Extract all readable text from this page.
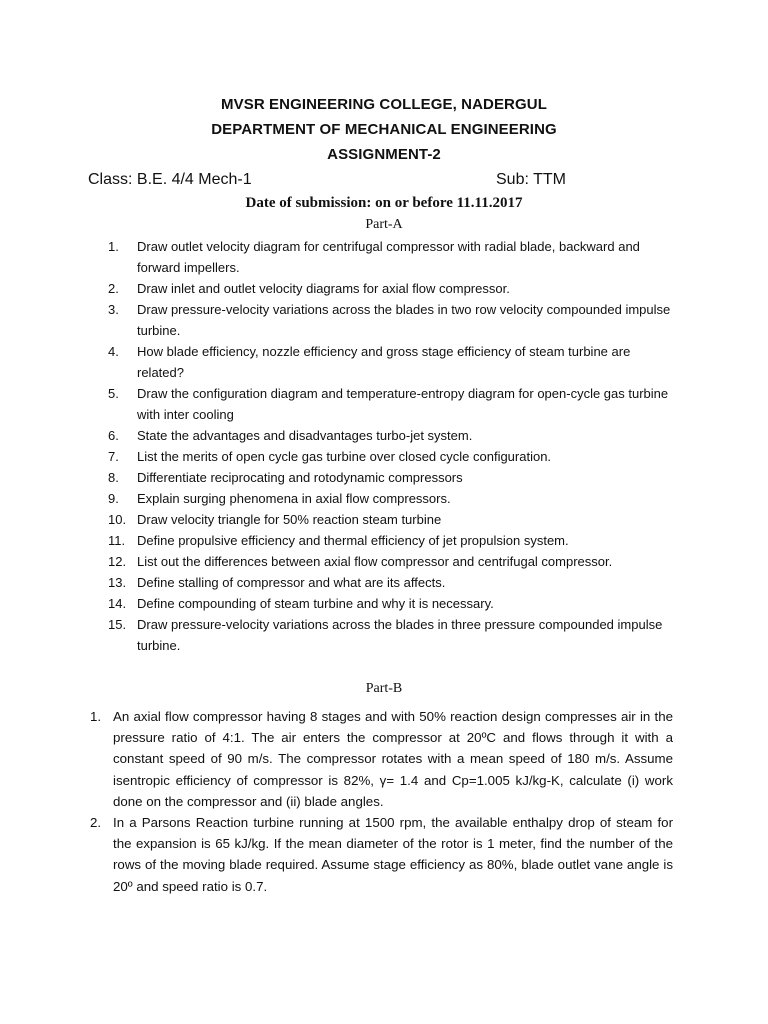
MVSR ENGINEERING COLLEGE, NADERGUL
DEPARTMENT OF MECHANICAL ENGINEERING
ASSIGNMENT-2
Class: B.E. 4/4 Mech-1	Sub: TTM
Date of submission: on or before 11.11.2017
Part-A
1.	Draw outlet velocity diagram for centrifugal compressor with radial blade, backward and forward impellers.
2.	Draw inlet and outlet velocity diagrams for axial flow compressor.
3.	Draw pressure-velocity variations across the blades in two row velocity compounded impulse turbine.
4.	How blade efficiency, nozzle efficiency and gross stage efficiency of steam turbine are related?
5.	Draw the configuration diagram and temperature-entropy diagram for open-cycle gas turbine with inter cooling
6.	State the advantages and disadvantages turbo-jet system.
7.	List the merits of open cycle gas turbine over closed cycle configuration.
8.	Differentiate reciprocating and rotodynamic compressors
9.	Explain surging phenomena in axial flow compressors.
10. Draw velocity triangle for 50% reaction steam turbine
11. Define propulsive efficiency and thermal efficiency of jet propulsion system.
12. List out the differences between axial flow compressor and centrifugal compressor.
13. Define stalling of compressor and what are its affects.
14. Define compounding of steam turbine and why it is necessary.
15. Draw pressure-velocity variations across the blades in three pressure compounded impulse turbine.
Part-B
1. An axial flow compressor having 8 stages and with 50% reaction design compresses air in the pressure ratio of 4:1. The air enters the compressor at 20ºC and flows through it with a constant speed of 90 m/s. The compressor rotates with a mean speed of 180 m/s. Assume isentropic efficiency of compressor is 82%, γ= 1.4 and Cp=1.005 kJ/kg-K, calculate (i) work done on the compressor and (ii) blade angles.
2. In a Parsons Reaction turbine running at 1500 rpm, the available enthalpy drop of steam for the expansion is 65 kJ/kg. If the mean diameter of the rotor is 1 meter, find the number of the rows of the moving blade required. Assume stage efficiency as 80%, blade outlet vane angle is 20º and speed ratio is 0.7.
